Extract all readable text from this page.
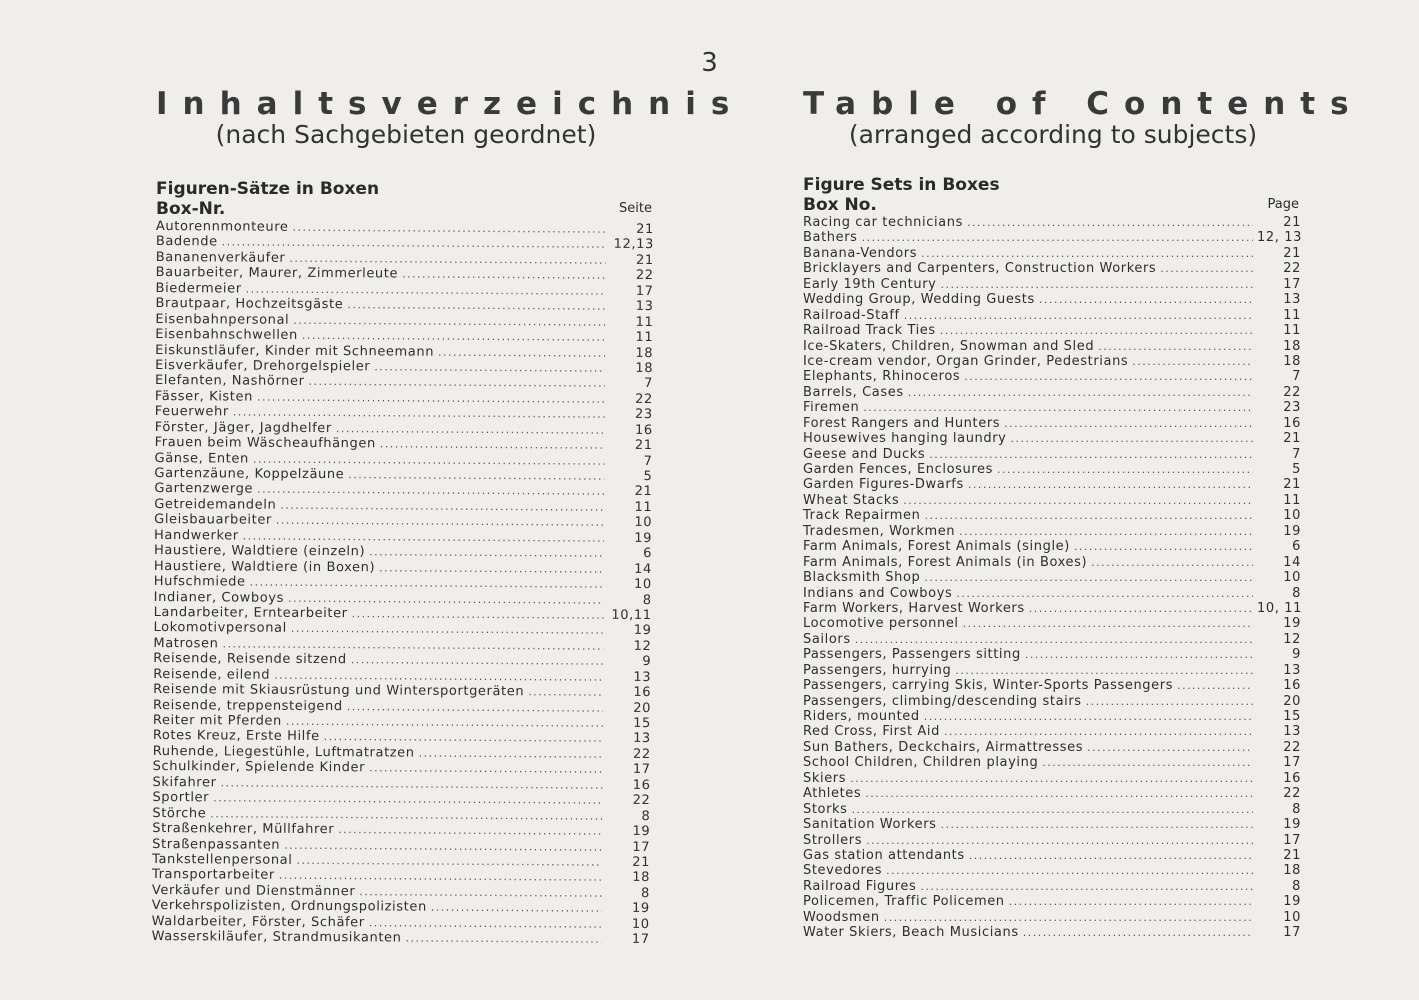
3
Inhaltsverzeichnis
(nach Sachgebieten geordnet)
Figuren-Sätze in Boxen
Box-Nr.	Seite
Autorennmonteure . . .	21
Badende . . .	12,13
Bananenverkäufer . . .	21
Bauarbeiter, Maurer, Zimmerleute . . .	22
Biedermeier . . .	17
Brautpaar, Hochzeitsgäste . . .	13
Eisenbahnpersonal . . .	11
Eisenbahnschwellen . . .	11
Eiskunstläufer, Kinder mit Schneemann . . .	18
Eisverkäufer, Drehorgelspieler . . .	18
Elefanten, Nashörner . . .	7
Fässer, Kisten . . .	22
Feuerwehr . . .	23
Förster, Jäger, Jagdhelfer . . .	16
Frauen beim Wäscheaufhängen . . .	21
Gänse, Enten . . .	7
Gartenzäune, Koppelzäune . . .	5
Gartenzwerge . . .	21
Getreidemandeln . . .	11
Gleisbauarbeiter . . .	10
Handwerker . . .	19
Haustiere, Waldtiere (einzeln) . . .	6
Haustiere, Waldtiere (in Boxen) . . .	14
Hufschmiede . . .	10
Indianer, Cowboys . . .	8
Landarbeiter, Erntearbeiter . . .	10,11
Lokomotivpersonal . . .	19
Matrosen . . .	12
Reisende, Reisende sitzend . . .	9
Reisende, eilend . . .	13
Reisende mit Skiausrüstung und Wintersportgeräten . . .	16
Reisende, treppensteigend . . .	20
Reiter mit Pferden . . .	15
Rotes Kreuz, Erste Hilfe . . .	13
Ruhende, Liegestühle, Luftmatratzen . . .	22
Schulkinder, Spielende Kinder . . .	17
Skifahrer . . .	16
Sportler . . .	22
Störche . . .	8
Straßenkehrer, Müllfahrer . . .	19
Straßenpassanten . . .	17
Tankstellenpersonal . . .	21
Transportarbeiter . . .	18
Verkäufer und Dienstmänner . . .	8
Verkehrspolizisten, Ordnungspolizisten . . .	19
Waldarbeiter, Förster, Schäfer . . .	10
Wasserskiläufer, Strandmusikanten . . .	17
Table of Contents
(arranged according to subjects)
Figure Sets in Boxes
Box No.	Page
Racing car technicians . . .	21
Bathers . . .	12, 13
Banana-Vendors . . .	21
Bricklayers and Carpenters, Construction Workers . . .	22
Early 19th Century . . .	17
Wedding Group, Wedding Guests . . .	13
Railroad-Staff . . .	11
Railroad Track Ties . . .	11
Ice-Skaters, Children, Snowman and Sled . . .	18
Ice-cream vendor, Organ Grinder, Pedestrians . . .	18
Elephants, Rhinoceros . . .	7
Barrels, Cases . . .	22
Firemen . . .	23
Forest Rangers and Hunters . . .	16
Housewives hanging laundry . . .	21
Geese and Ducks . . .	7
Garden Fences, Enclosures . . .	5
Garden Figures-Dwarfs . . .	21
Wheat Stacks . . .	11
Track Repairmen . . .	10
Tradesmen, Workmen . . .	19
Farm Animals, Forest Animals (single) . . .	6
Farm Animals, Forest Animals (in Boxes) . . .	14
Blacksmith Shop . . .	10
Indians and Cowboys . . .	8
Farm Workers, Harvest Workers . . .	10, 11
Locomotive personnel . . .	19
Sailors . . .	12
Passengers, Passengers sitting . . .	9
Passengers, hurrying . . .	13
Passengers, carrying Skis, Winter-Sports Passengers . . .	16
Passengers, climbing/descending stairs . . .	20
Riders, mounted . . .	15
Red Cross, First Aid . . .	13
Sun Bathers, Deckchairs, Airmattresses . . .	22
School Children, Children playing . . .	17
Skiers . . .	16
Athletes . . .	22
Storks . . .	8
Sanitation Workers . . .	19
Strollers . . .	17
Gas station attendants . . .	21
Stevedores . . .	18
Railroad Figures . . .	8
Policemen, Traffic Policemen . . .	19
Woodsmen . . .	10
Water Skiers, Beach Musicians . . .	17
